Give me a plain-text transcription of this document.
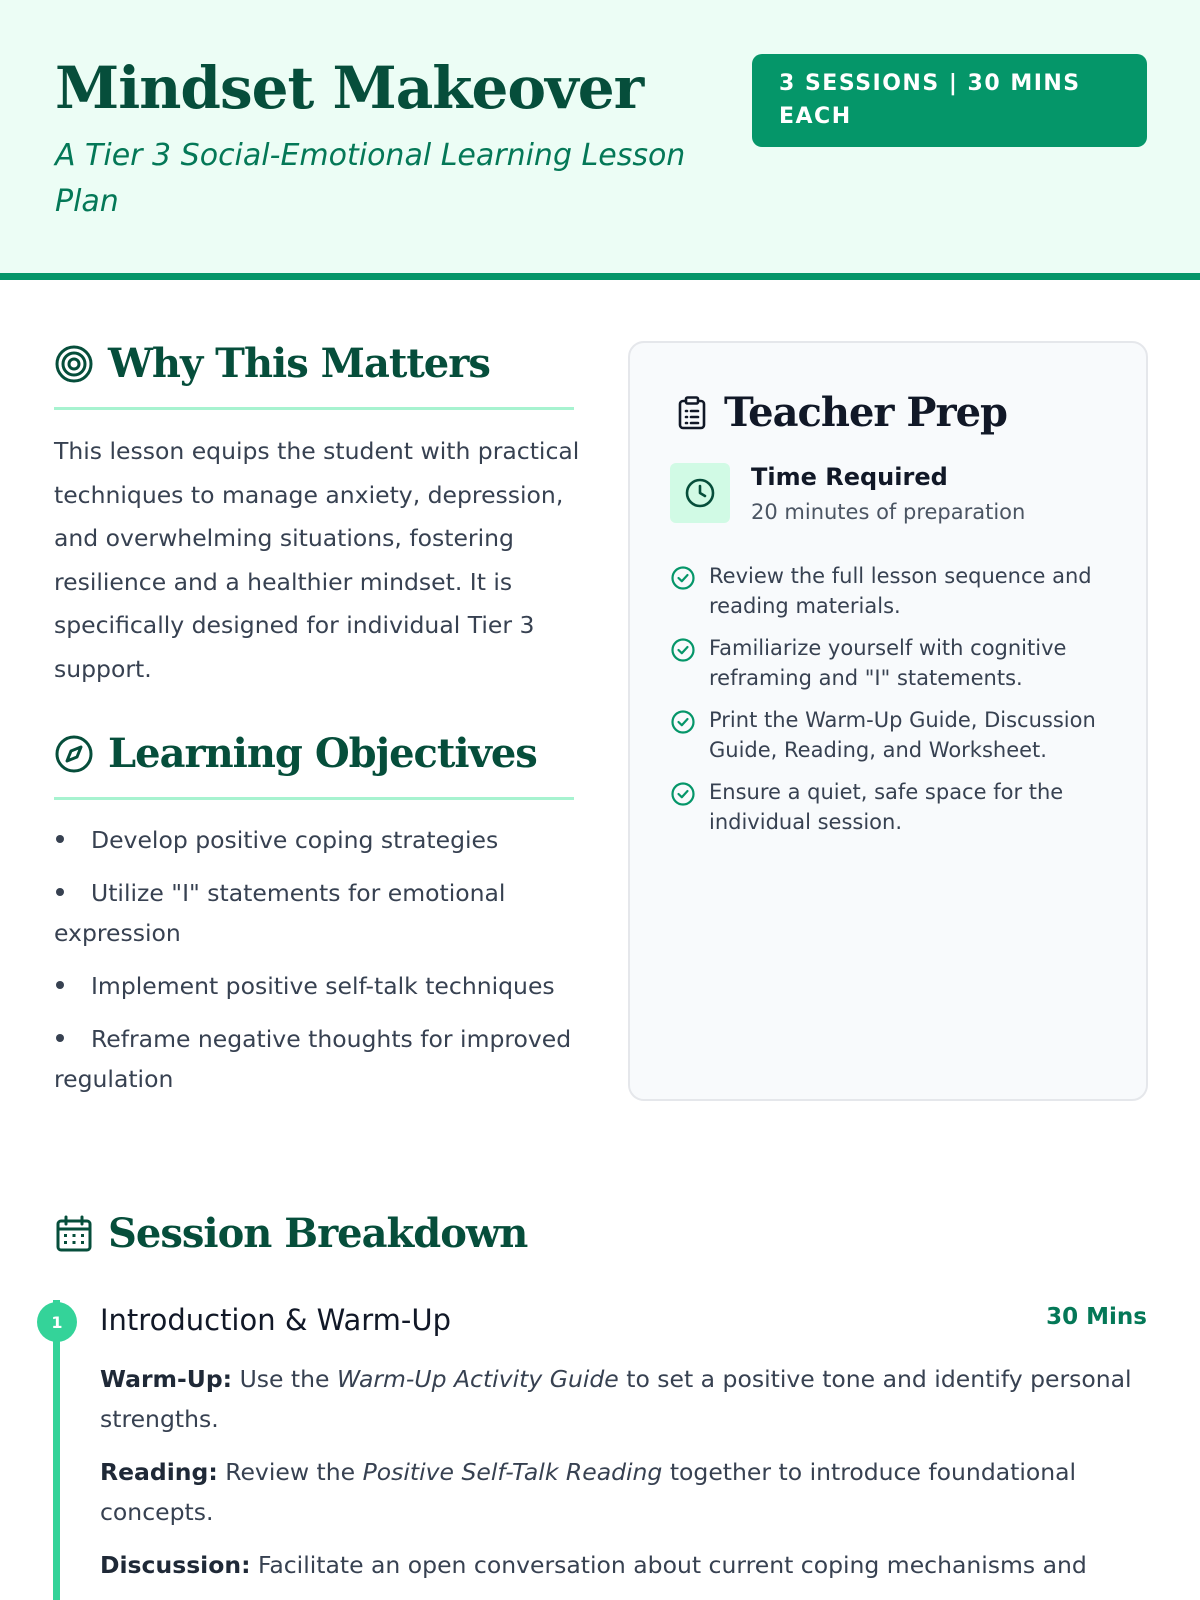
Mindset Makeover
A Tier 3 Social-Emotional Learning Lesson Plan
3 SESSIONS | 30 MINS EACH
Why This Matters
This lesson equips the student with practical techniques to manage anxiety, depression, and overwhelming situations, fostering resilience and a healthier mindset. It is specifically designed for individual Tier 3 support.
Learning Objectives
Develop positive coping strategies
Utilize "I" statements for emotional expression
Implement positive self-talk techniques
Reframe negative thoughts for improved regulation
Teacher Prep
Time Required
20 minutes of preparation
Review the full lesson sequence and reading materials.
Familiarize yourself with cognitive reframing and "I" statements.
Print the Warm-Up Guide, Discussion Guide, Reading, and Worksheet.
Ensure a quiet, safe space for the individual session.
Session Breakdown
1	Introduction & Warm-Up	30 Mins

Warm-Up: Use the Warm-Up Activity Guide to set a positive tone and identify personal strengths.

Reading: Review the Positive Self-Talk Reading together to introduce foundational concepts.

Discussion: Facilitate an open conversation about current coping mechanisms and
